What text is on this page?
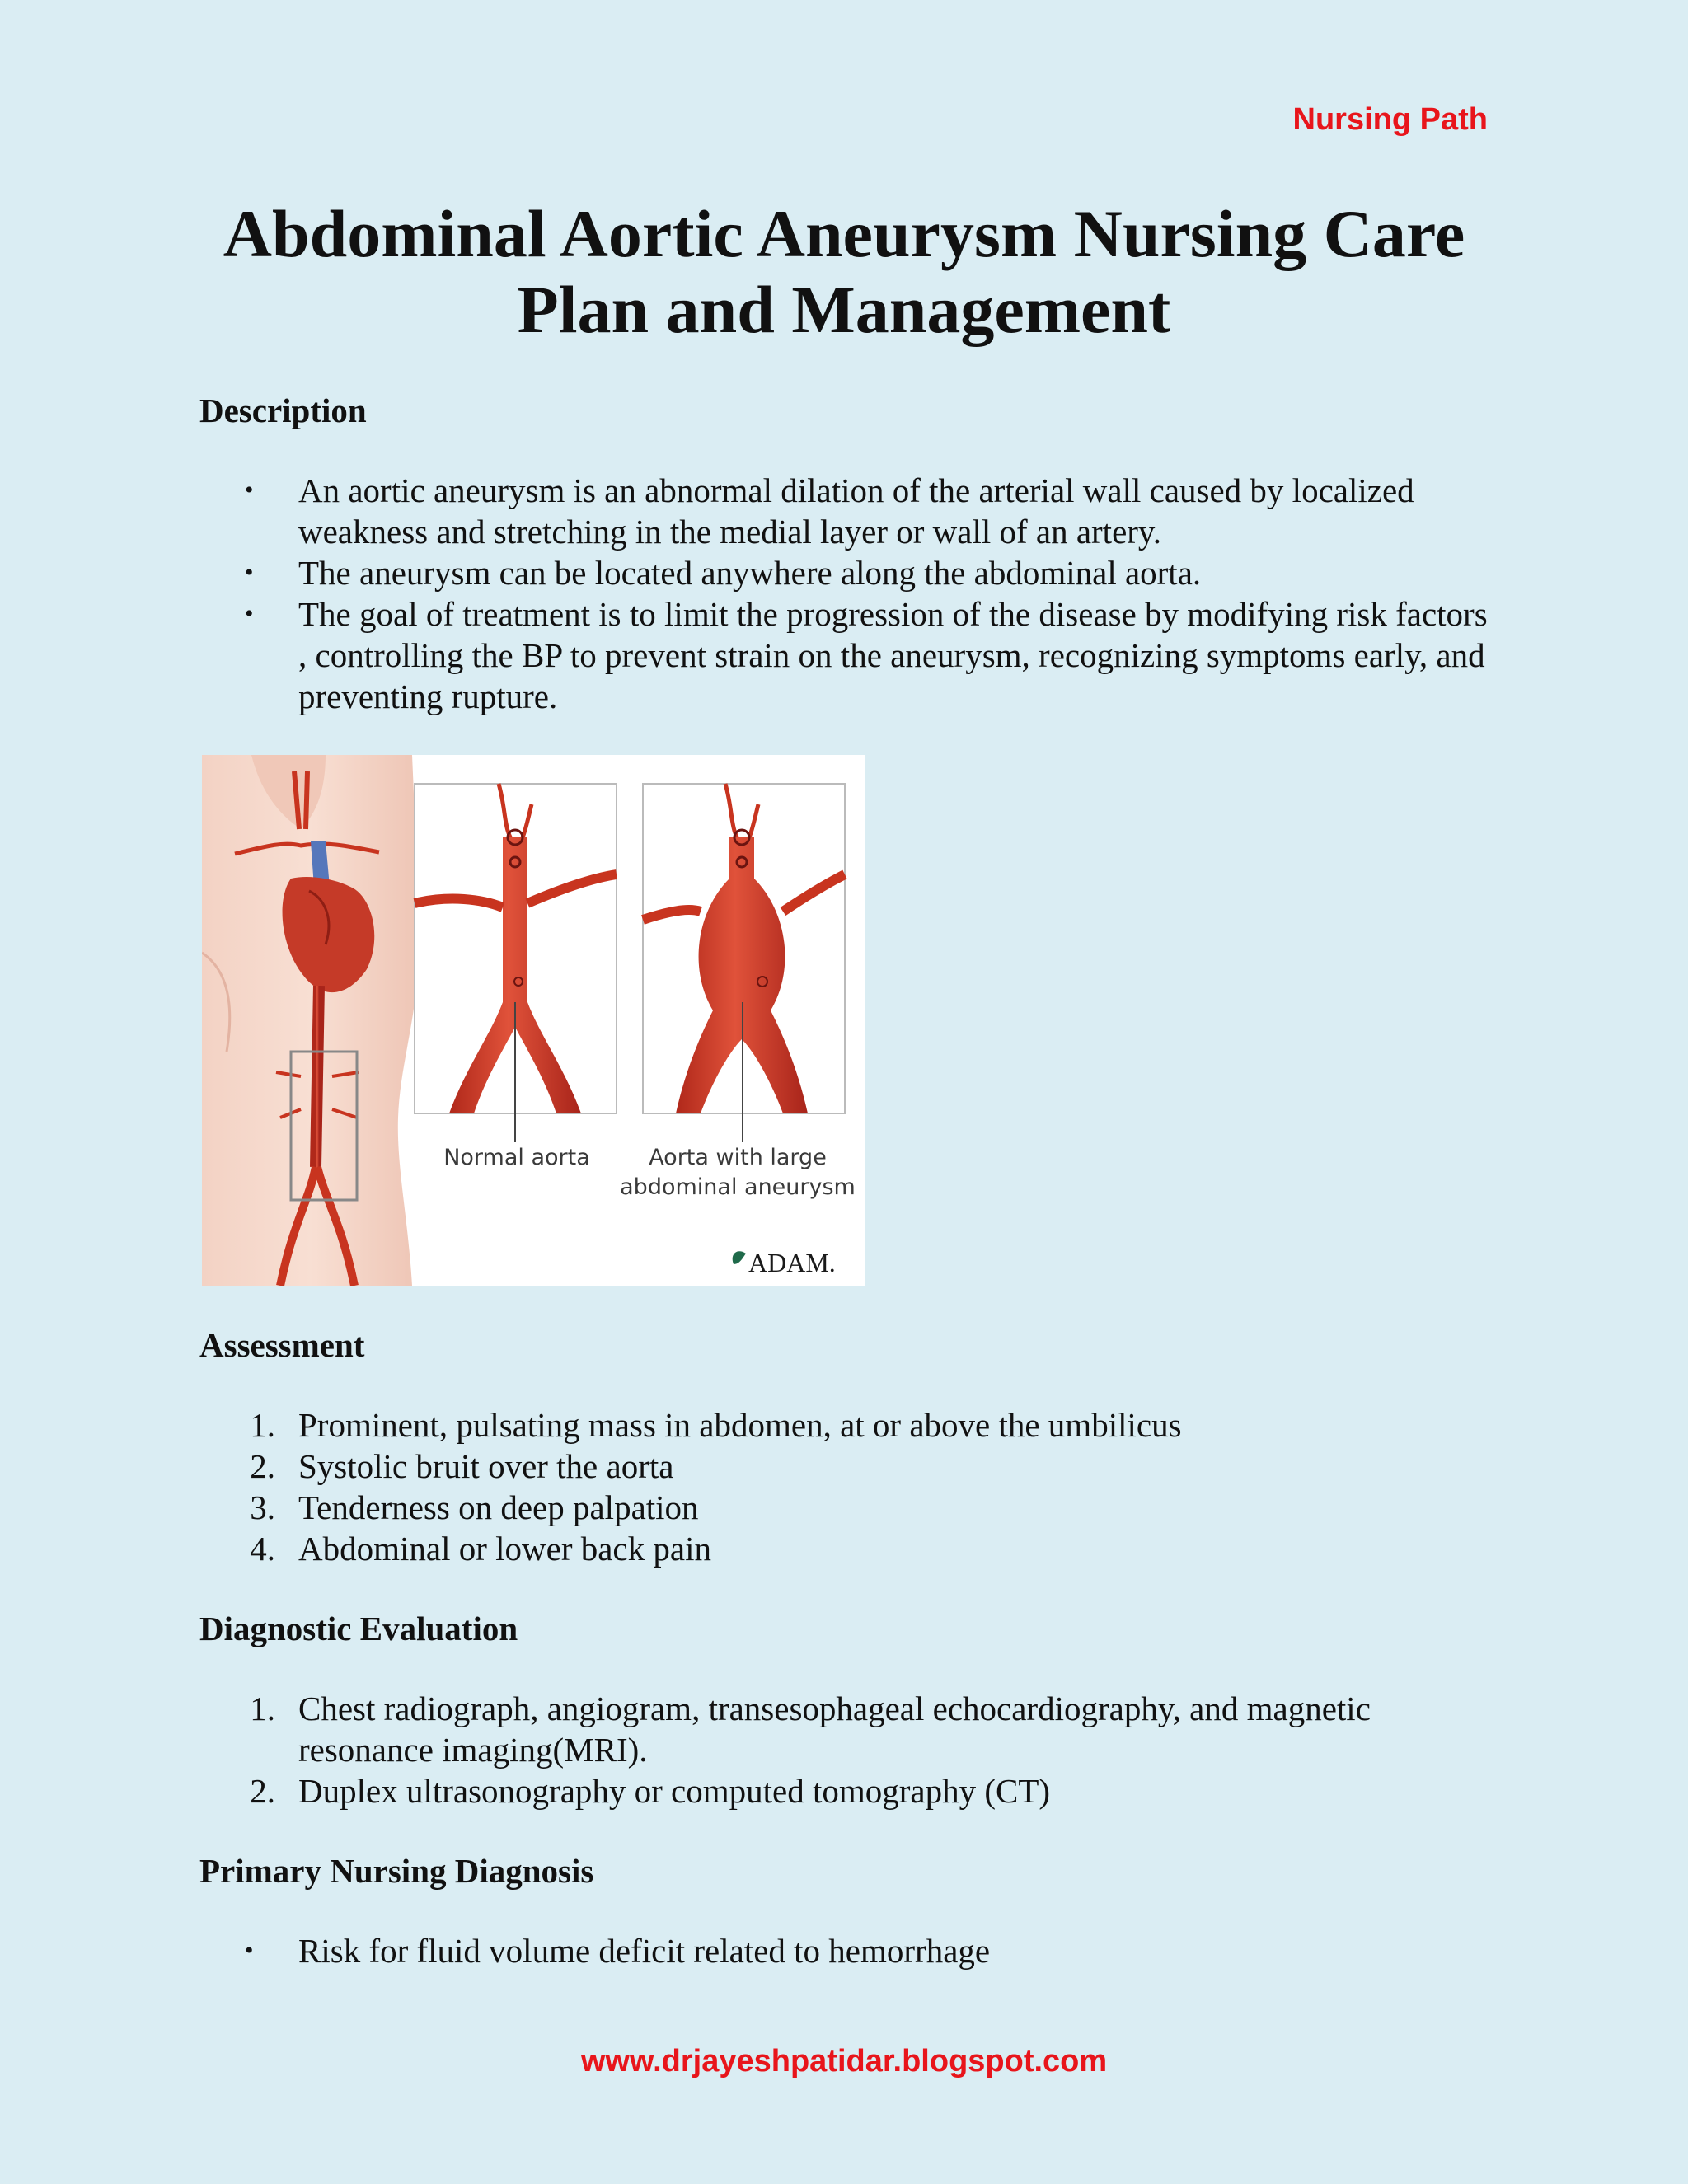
Nursing Path
Abdominal Aortic Aneurysm Nursing Care Plan and Management
Description
• An aortic aneurysm is an abnormal dilation of the arterial wall caused by localized weakness and stretching in the medial layer or wall of an artery.
• The aneurysm can be located anywhere along the abdominal aorta.
• The goal of treatment is to limit the progression of the disease by modifying risk factors , controlling the BP to prevent strain on the aneurysm, recognizing symptoms early, and preventing rupture.
Normal aorta	Aorta with large
abdominal aneurysm
ADAM.
Assessment
1. Prominent, pulsating mass in abdomen, at or above the umbilicus
2. Systolic bruit over the aorta
3. Tenderness on deep palpation
4. Abdominal or lower back pain
Diagnostic Evaluation
1. Chest radiograph, angiogram, transesophageal echocardiography, and magnetic resonance imaging(MRI).
2. Duplex ultrasonography or computed tomography (CT)
Primary Nursing Diagnosis
• Risk for fluid volume deficit related to hemorrhage
www.drjayeshpatidar.blogspot.com
